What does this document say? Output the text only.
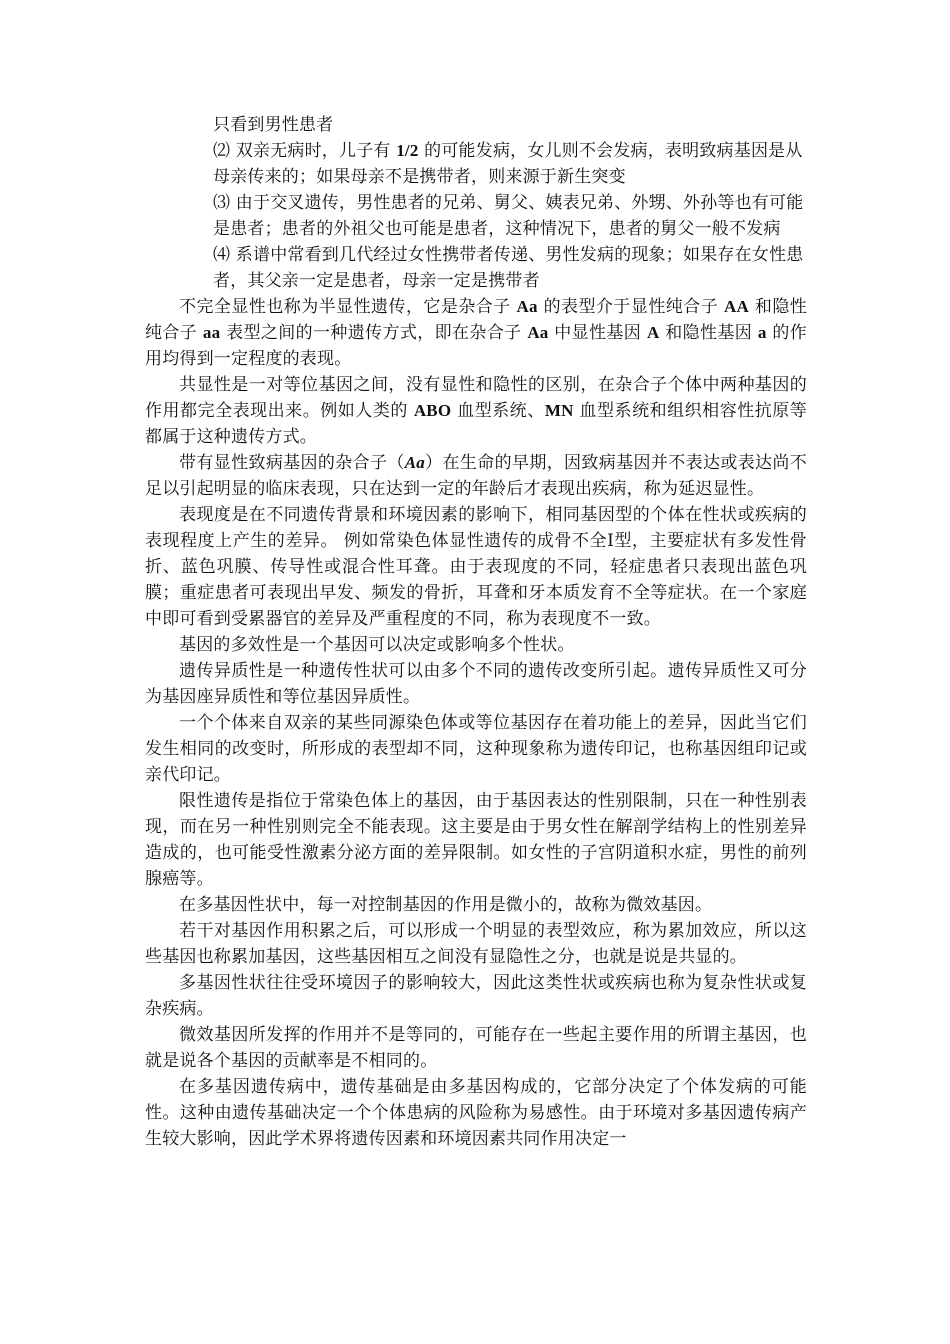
只看到男性患者

⑵ 双亲无病时，儿子有 1/2 的可能发病，女儿则不会发病，表明致病基因是从母亲传来的；如果母亲不是携带者，则来源于新生突变

⑶ 由于交叉遗传，男性患者的兄弟、舅父、姨表兄弟、外甥、外孙等也有可能是患者；患者的外祖父也可能是患者，这种情况下，患者的舅父一般不发病

⑷ 系谱中常看到几代经过女性携带者传递、男性发病的现象；如果存在女性患者，其父亲一定是患者，母亲一定是携带者

不完全显性也称为半显性遗传，它是杂合子 Aa 的表型介于显性纯合子 AA 和隐性纯合子 aa 表型之间的一种遗传方式，即在杂合子 Aa 中显性基因 A 和隐性基因 a 的作用均得到一定程度的表现。

共显性是一对等位基因之间，没有显性和隐性的区别，在杂合子个体中两种基因的作用都完全表现出来。例如人类的 ABO 血型系统、MN 血型系统和组织相容性抗原等都属于这种遗传方式。

带有显性致病基因的杂合子（Aa）在生命的早期，因致病基因并不表达或表达尚不足以引起明显的临床表现，只在达到一定的年龄后才表现出疾病，称为延迟显性。

表现度是在不同遗传背景和环境因素的影响下，相同基因型的个体在性状或疾病的表现程度上产生的差异。 例如常染色体显性遗传的成骨不全Ⅰ型，主要症状有多发性骨折、蓝色巩膜、传导性或混合性耳聋。由于表现度的不同，轻症患者只表现出蓝色巩膜；重症患者可表现出早发、频发的骨折，耳聋和牙本质发育不全等症状。在一个家庭中即可看到受累器官的差异及严重程度的不同，称为表现度不一致。

基因的多效性是一个基因可以决定或影响多个性状。

遗传异质性是一种遗传性状可以由多个不同的遗传改变所引起。遗传异质性又可分为基因座异质性和等位基因异质性。

一个个体来自双亲的某些同源染色体或等位基因存在着功能上的差异，因此当它们发生相同的改变时，所形成的表型却不同，这种现象称为遗传印记，也称基因组印记或亲代印记。

限性遗传是指位于常染色体上的基因，由于基因表达的性别限制，只在一种性别表现，而在另一种性别则完全不能表现。这主要是由于男女性在解剖学结构上的性别差异造成的，也可能受性激素分泌方面的差异限制。如女性的子宫阴道积水症，男性的前列腺癌等。

在多基因性状中，每一对控制基因的作用是微小的，故称为微效基因。

若干对基因作用积累之后，可以形成一个明显的表型效应，称为累加效应，所以这些基因也称累加基因，这些基因相互之间没有显隐性之分，也就是说是共显的。

多基因性状往往受环境因子的影响较大，因此这类性状或疾病也称为复杂性状或复杂疾病。

微效基因所发挥的作用并不是等同的，可能存在一些起主要作用的所谓主基因，也就是说各个基因的贡献率是不相同的。

在多基因遗传病中，遗传基础是由多基因构成的，它部分决定了个体发病的可能性。这种由遗传基础决定一个个体患病的风险称为易感性。由于环境对多基因遗传病产生较大影响，因此学术界将遗传因素和环境因素共同作用决定一
